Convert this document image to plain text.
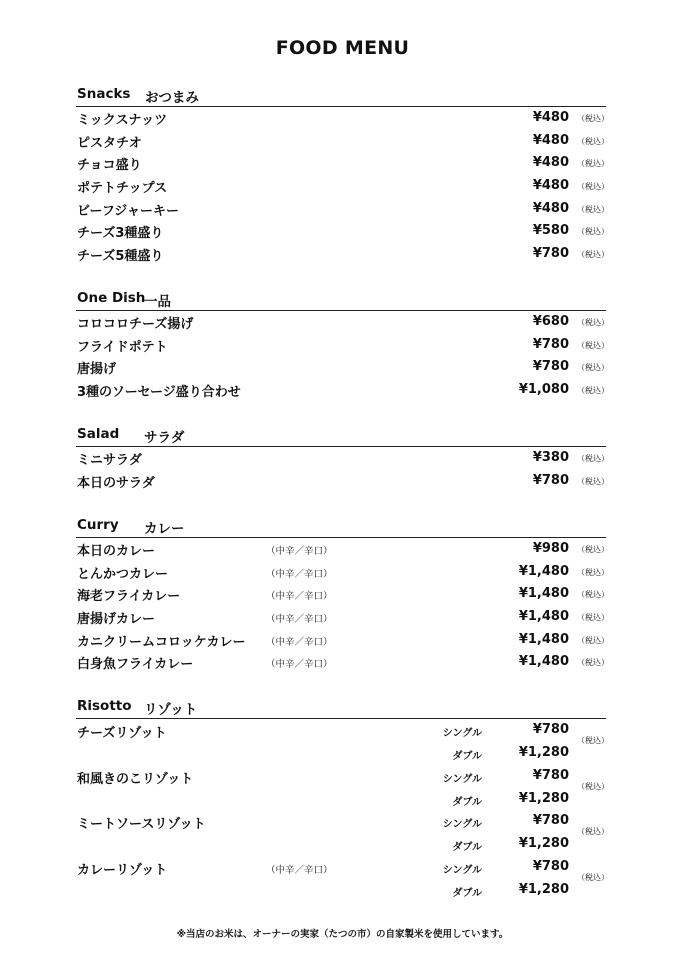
FOOD MENU
Snacks おつまみ
ミックスナッツ	¥480 （税込）
ピスタチオ	¥480 （税込）
チョコ盛り	¥480 （税込）
ポテトチップス	¥480 （税込）
ビーフジャーキー	¥480 （税込）
チーズ3種盛り	¥580 （税込）
チーズ5種盛り	¥780 （税込）
One Dish
一品
コロコロチーズ揚げ	¥680 （税込）
フライドポテト	¥780 （税込）
唐揚げ	¥780 （税込）
3種のソーセージ盛り合わせ	¥1,080 （税込）
Salad サラダ
ミニサラダ	¥380 （税込）
本日のサラダ	¥780 （税込）
Curry カレー
本日のカレー	（中辛／辛口）	¥980 （税込）
とんかつカレー	（中辛／辛口）	¥1,480 （税込）
海老フライカレー	（中辛／辛口）	¥1,480 （税込）
唐揚げカレー	（中辛／辛口）	¥1,480 （税込）
カニクリームコロッケカレー （中辛／辛口）	¥1,480 （税込）
白身魚フライカレー	（中辛／辛口）	¥1,480 （税込）
Risotto リゾット
チーズリゾット	シングル	¥780
ダブル	¥1,280
（税込）
和風きのこリゾット	シングル	¥780
ダブル	¥1,280
（税込）
ミートソースリゾット	シングル	¥780
ダブル	¥1,280
（税込）
カレーリゾット	（中辛／辛口）	シングル	¥780
ダブル	¥1,280
（税込）
※当店のお米は、オーナーの実家（たつの市）の自家製米を使用しています。
